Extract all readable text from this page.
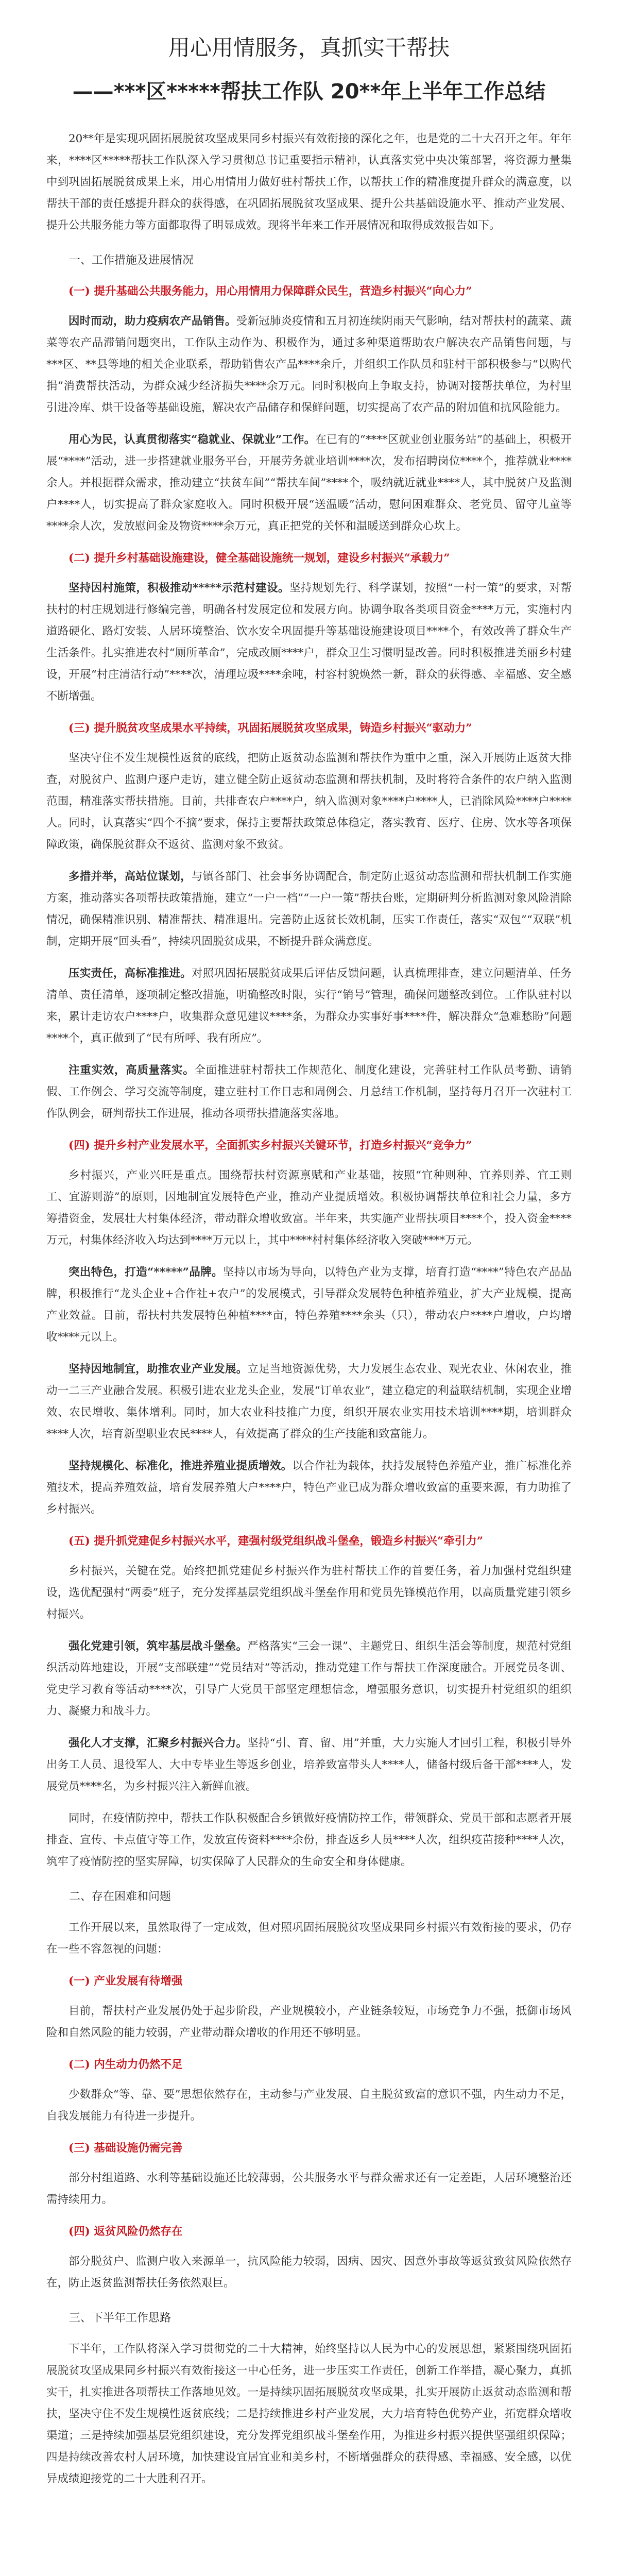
用心用情服务，真抓实干帮扶
——***区*****帮扶工作队 20**年上半年工作总结

20**年是实现巩固拓展脱贫攻坚成果同乡村振兴有效衔接的深化之年，也是党的二十大召开之年。年年来，****区*****帮扶工作队深入学习贯彻总书记重要指示精神，认真落实党中央决策部署，将资源力量集中到巩固拓展脱贫成果上来，用心用情用力做好驻村帮扶工作，以帮扶工作的精准度提升群众的满意度，以帮扶干部的责任感提升群众的获得感，在巩固拓展脱贫攻坚成果、提升公共基础设施水平、推动产业发展、提升公共服务能力等方面都取得了明显成效。现将半年来工作开展情况和取得成效报告如下。

一、工作措施及进展情况

(一) 提升基础公共服务能力，用心用情用力保障群众民生，营造乡村振兴“向心力”

因时而动，助力疫病农产品销售。受新冠肺炎疫情和五月初连续阴雨天气影响，结对帮扶村的蔬菜、蔬菜等农产品滞销问题突出，工作队主动作为、积极作为，通过多种渠道帮助农户解决农产品销售问题，与***区、**县等地的相关企业联系，帮助销售农产品****余斤，并组织工作队员和驻村干部积极参与“以购代捐”消费帮扶活动，为群众减少经济损失****余万元。同时积极向上争取支持，协调对接帮扶单位，为村里引进冷库、烘干设备等基础设施，解决农产品储存和保鲜问题，切实提高了农产品的附加值和抗风险能力。

用心为民，认真贯彻落实“稳就业、保就业”工作。在已有的“****区就业创业服务站”的基础上，积极开展“****”活动，进一步搭建就业服务平台，开展劳务就业培训****次，发布招聘岗位****个，推荐就业****余人。并根据群众需求，推动建立“扶贫车间”“帮扶车间”****个，吸纳就近就业****人，其中脱贫户及监测户****人，切实提高了群众家庭收入。同时积极开展“送温暖”活动，慰问困难群众、老党员、留守儿童等****余人次，发放慰问金及物资****余万元，真正把党的关怀和温暖送到群众心坎上。

(二) 提升乡村基础设施建设，健全基础设施统一规划，建设乡村振兴“承载力”

坚持因村施策，积极推动*****示范村建设。坚持规划先行、科学谋划，按照“一村一策”的要求，对帮扶村的村庄规划进行修编完善，明确各村发展定位和发展方向。协调争取各类项目资金****万元，实施村内道路硬化、路灯安装、人居环境整治、饮水安全巩固提升等基础设施建设项目****个，有效改善了群众生产生活条件。扎实推进农村“厕所革命”，完成改厕****户，群众卫生习惯明显改善。同时积极推进美丽乡村建设，开展“村庄清洁行动”****次，清理垃圾****余吨，村容村貌焕然一新，群众的获得感、幸福感、安全感不断增强。

(三) 提升脱贫攻坚成果水平持续，巩固拓展脱贫攻坚成果，铸造乡村振兴“驱动力”

坚决守住不发生规模性返贫的底线，把防止返贫动态监测和帮扶作为重中之重，深入开展防止返贫大排查，对脱贫户、监测户逐户走访，建立健全防止返贫动态监测和帮扶机制，及时将符合条件的农户纳入监测范围，精准落实帮扶措施。目前，共排查农户****户，纳入监测对象****户****人，已消除风险****户****人。同时，认真落实“四个不摘”要求，保持主要帮扶政策总体稳定，落实教育、医疗、住房、饮水等各项保障政策，确保脱贫群众不返贫、监测对象不致贫。

多措并举，高站位谋划，与镇各部门、社会事务协调配合，制定防止返贫动态监测和帮扶机制工作实施方案，推动落实各项帮扶政策措施，建立“一户一档”“一户一策”帮扶台账，定期研判分析监测对象风险消除情况，确保精准识别、精准帮扶、精准退出。完善防止返贫长效机制，压实工作责任，落实“双包”“双联”机制，定期开展“回头看”，持续巩固脱贫成果，不断提升群众满意度。

压实责任，高标准推进。对照巩固拓展脱贫成果后评估反馈问题，认真梳理排查，建立问题清单、任务清单、责任清单，逐项制定整改措施，明确整改时限，实行“销号”管理，确保问题整改到位。工作队驻村以来，累计走访农户****户，收集群众意见建议****条，为群众办实事好事****件，解决群众“急难愁盼”问题****个，真正做到了“民有所呼、我有所应”。

注重实效，高质量落实。全面推进驻村帮扶工作规范化、制度化建设，完善驻村工作队员考勤、请销假、工作例会、学习交流等制度，建立驻村工作日志和周例会、月总结工作机制，坚持每月召开一次驻村工作队例会，研判帮扶工作进展，推动各项帮扶措施落实落地。

(四) 提升乡村产业发展水平，全面抓实乡村振兴关键环节，打造乡村振兴“竞争力”

乡村振兴，产业兴旺是重点。围绕帮扶村资源禀赋和产业基础，按照“宜种则种、宜养则养、宜工则工、宜游则游”的原则，因地制宜发展特色产业，推动产业提质增效。积极协调帮扶单位和社会力量，多方筹措资金，发展壮大村集体经济，带动群众增收致富。半年来，共实施产业帮扶项目****个，投入资金****万元，村集体经济收入均达到****万元以上，其中****村村集体经济收入突破****万元。

突出特色，打造“*****”品牌。坚持以市场为导向，以特色产业为支撑，培育打造“****”特色农产品品牌，积极推行“龙头企业+合作社+农户”的发展模式，引导群众发展特色种植养殖业，扩大产业规模，提高产业效益。目前，帮扶村共发展特色种植****亩，特色养殖****余头（只），带动农户****户增收，户均增收****元以上。

坚持因地制宜，助推农业产业发展。立足当地资源优势，大力发展生态农业、观光农业、休闲农业，推动一二三产业融合发展。积极引进农业龙头企业，发展“订单农业”，建立稳定的利益联结机制，实现企业增效、农民增收、集体增利。同时，加大农业科技推广力度，组织开展农业实用技术培训****期，培训群众****人次，培育新型职业农民****人，有效提高了群众的生产技能和致富能力。

坚持规模化、标准化，推进养殖业提质增效。以合作社为载体，扶持发展特色养殖产业，推广标准化养殖技术，提高养殖效益，培育发展养殖大户****户，特色产业已成为群众增收致富的重要来源，有力助推了乡村振兴。

(五) 提升抓党建促乡村振兴水平，建强村级党组织战斗堡垒，锻造乡村振兴“牵引力”

乡村振兴，关键在党。始终把抓党建促乡村振兴作为驻村帮扶工作的首要任务，着力加强村党组织建设，选优配强村“两委”班子，充分发挥基层党组织战斗堡垒作用和党员先锋模范作用，以高质量党建引领乡村振兴。

强化党建引领，筑牢基层战斗堡垒。严格落实“三会一课”、主题党日、组织生活会等制度，规范村党组织活动阵地建设，开展“支部联建”“党员结对”等活动，推动党建工作与帮扶工作深度融合。开展党员冬训、党史学习教育等活动****次，引导广大党员干部坚定理想信念，增强服务意识，切实提升村党组织的组织力、凝聚力和战斗力。

强化人才支撑，汇聚乡村振兴合力。坚持“引、育、留、用”并重，大力实施人才回引工程，积极引导外出务工人员、退役军人、大中专毕业生等返乡创业，培养致富带头人****人，储备村级后备干部****人，发展党员****名，为乡村振兴注入新鲜血液。

同时，在疫情防控中，帮扶工作队积极配合乡镇做好疫情防控工作，带领群众、党员干部和志愿者开展排查、宣传、卡点值守等工作，发放宣传资料****余份，排查返乡人员****人次，组织疫苗接种****人次，筑牢了疫情防控的坚实屏障，切实保障了人民群众的生命安全和身体健康。

二、存在困难和问题

工作开展以来，虽然取得了一定成效，但对照巩固拓展脱贫攻坚成果同乡村振兴有效衔接的要求，仍存在一些不容忽视的问题：

(一) 产业发展有待增强

目前，帮扶村产业发展仍处于起步阶段，产业规模较小，产业链条较短，市场竞争力不强，抵御市场风险和自然风险的能力较弱，产业带动群众增收的作用还不够明显。

(二) 内生动力仍然不足

少数群众“等、靠、要”思想依然存在，主动参与产业发展、自主脱贫致富的意识不强，内生动力不足，自我发展能力有待进一步提升。

(三) 基础设施仍需完善

部分村组道路、水利等基础设施还比较薄弱，公共服务水平与群众需求还有一定差距，人居环境整治还需持续用力。

(四) 返贫风险仍然存在

部分脱贫户、监测户收入来源单一，抗风险能力较弱，因病、因灾、因意外事故等返贫致贫风险依然存在，防止返贫监测帮扶任务依然艰巨。

三、下半年工作思路

下半年，工作队将深入学习贯彻党的二十大精神，始终坚持以人民为中心的发展思想，紧紧围绕巩固拓展脱贫攻坚成果同乡村振兴有效衔接这一中心任务，进一步压实工作责任，创新工作举措，凝心聚力，真抓实干，扎实推进各项帮扶工作落地见效。一是持续巩固拓展脱贫攻坚成果，扎实开展防止返贫动态监测和帮扶，坚决守住不发生规模性返贫底线；二是持续推进乡村产业发展，大力培育特色优势产业，拓宽群众增收渠道；三是持续加强基层党组织建设，充分发挥党组织战斗堡垒作用，为推进乡村振兴提供坚强组织保障；四是持续改善农村人居环境，加快建设宜居宜业和美乡村，不断增强群众的获得感、幸福感、安全感，以优异成绩迎接党的二十大胜利召开。
